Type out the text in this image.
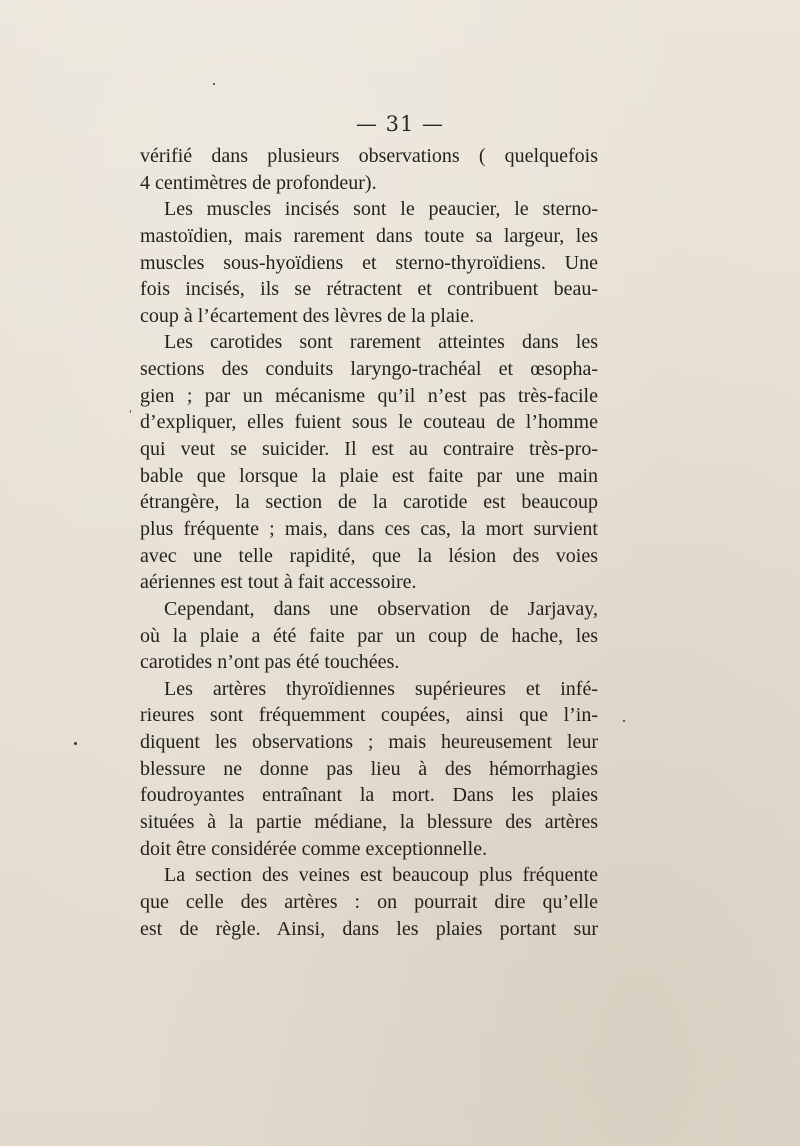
— 31 —
vérifié dans plusieurs observations ( quelquefois
4 centimètres de profondeur).
Les muscles incisés sont le peaucier, le sterno-
mastoïdien, mais rarement dans toute sa largeur, les
muscles sous-hyoïdiens et sterno-thyroïdiens. Une
fois incisés, ils se rétractent et contribuent beau-
coup à l’écartement des lèvres de la plaie.
Les carotides sont rarement atteintes dans les
sections des conduits laryngo-trachéal et œsopha-
gien ; par un mécanisme qu’il n’est pas très-facile
d’expliquer, elles fuient sous le couteau de l’homme
qui veut se suicider. Il est au contraire très-pro-
bable que lorsque la plaie est faite par une main
étrangère, la section de la carotide est beaucoup
plus fréquente ; mais, dans ces cas, la mort survient
avec une telle rapidité, que la lésion des voies
aériennes est tout à fait accessoire.
Cependant, dans une observation de Jarjavay,
où la plaie a été faite par un coup de hache, les
carotides n’ont pas été touchées.
Les artères thyroïdiennes supérieures et infé-
rieures sont fréquemment coupées, ainsi que l’in-
diquent les observations ; mais heureusement leur
blessure ne donne pas lieu à des hémorrhagies
foudroyantes entraînant la mort. Dans les plaies
situées à la partie médiane, la blessure des artères
doit être considérée comme exceptionnelle.
La section des veines est beaucoup plus fréquente
que celle des artères : on pourrait dire qu’elle
est de règle. Ainsi, dans les plaies portant sur
